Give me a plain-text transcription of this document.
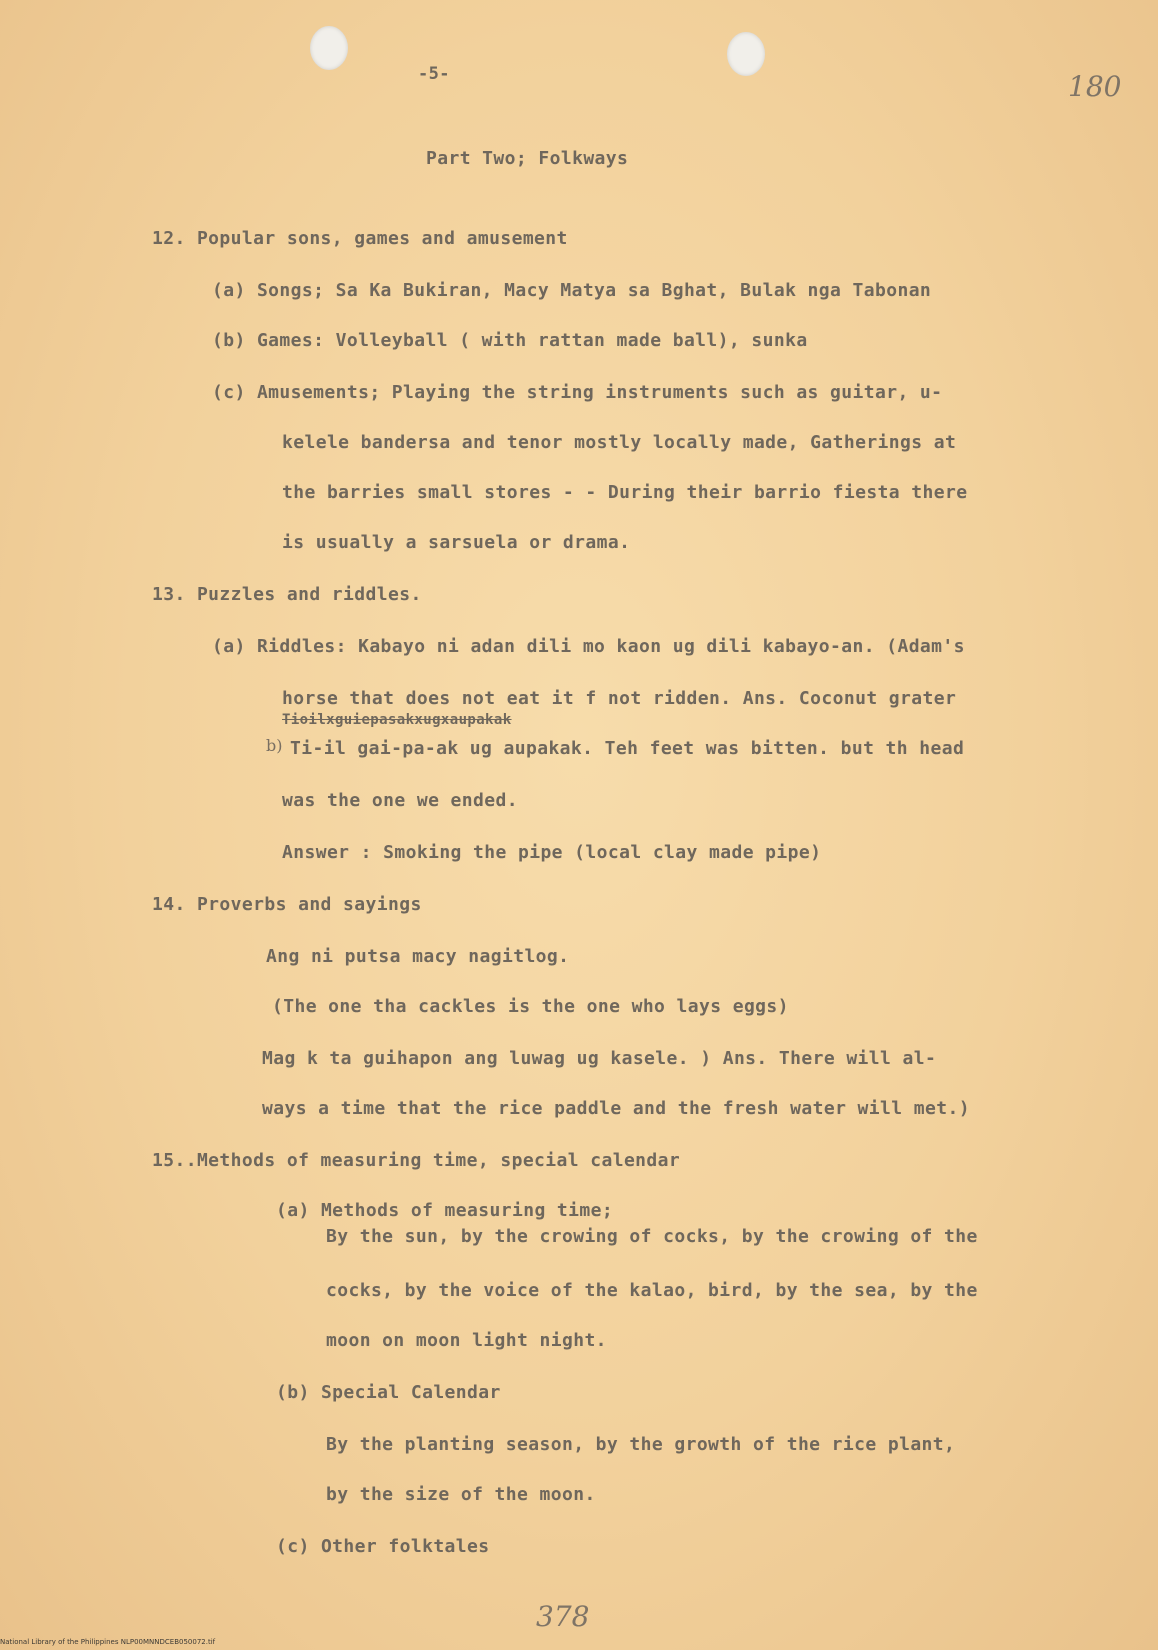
-5-	180
Part Two; Folkways
12. Popular sons, games and amusement
(a) Songs; Sa Ka Bukiran, Macy Matya sa Bghat, Bulak nga Tabonan
(b) Games: Volleyball ( with rattan made ball), sunka
(c) Amusements; Playing the string instruments such as guitar, u-
kelele bandersa and tenor mostly locally made, Gatherings at
the barries small stores - - During their barrio fiesta there
is usually a sarsuela or drama.
13. Puzzles and riddles.
(a) Riddles: Kabayo ni adan dili mo kaon ug dili kabayo-an. (Adam's
horse that does not eat it f not ridden. Ans. Coconut grater
Tioilxguiepasakxugxaupakak
b) Ti-il gai-pa-ak ug aupakak. Teh feet was bitten. but th head
was the one we ended.
Answer : Smoking the pipe (local clay made pipe)
14. Proverbs and sayings
Ang ni putsa macy nagitlog.
(The one tha cackles is the one who lays eggs)
Mag k ta guihapon ang luwag ug kasele. ) Ans. There will al-
ways a time that the rice paddle and the fresh water will met.)
15..Methods of measuring time, special calendar
(a) Methods of measuring time;
By the sun, by the crowing of cocks, by the crowing of the
cocks, by the voice of the kalao, bird, by the sea, by the
moon on moon light night.
(b) Special Calendar
By the planting season, by the growth of the rice plant,
by the size of the moon.
(c) Other folktales
378
National Library of the Philippines NLP00MNNDCEB050072.tif
